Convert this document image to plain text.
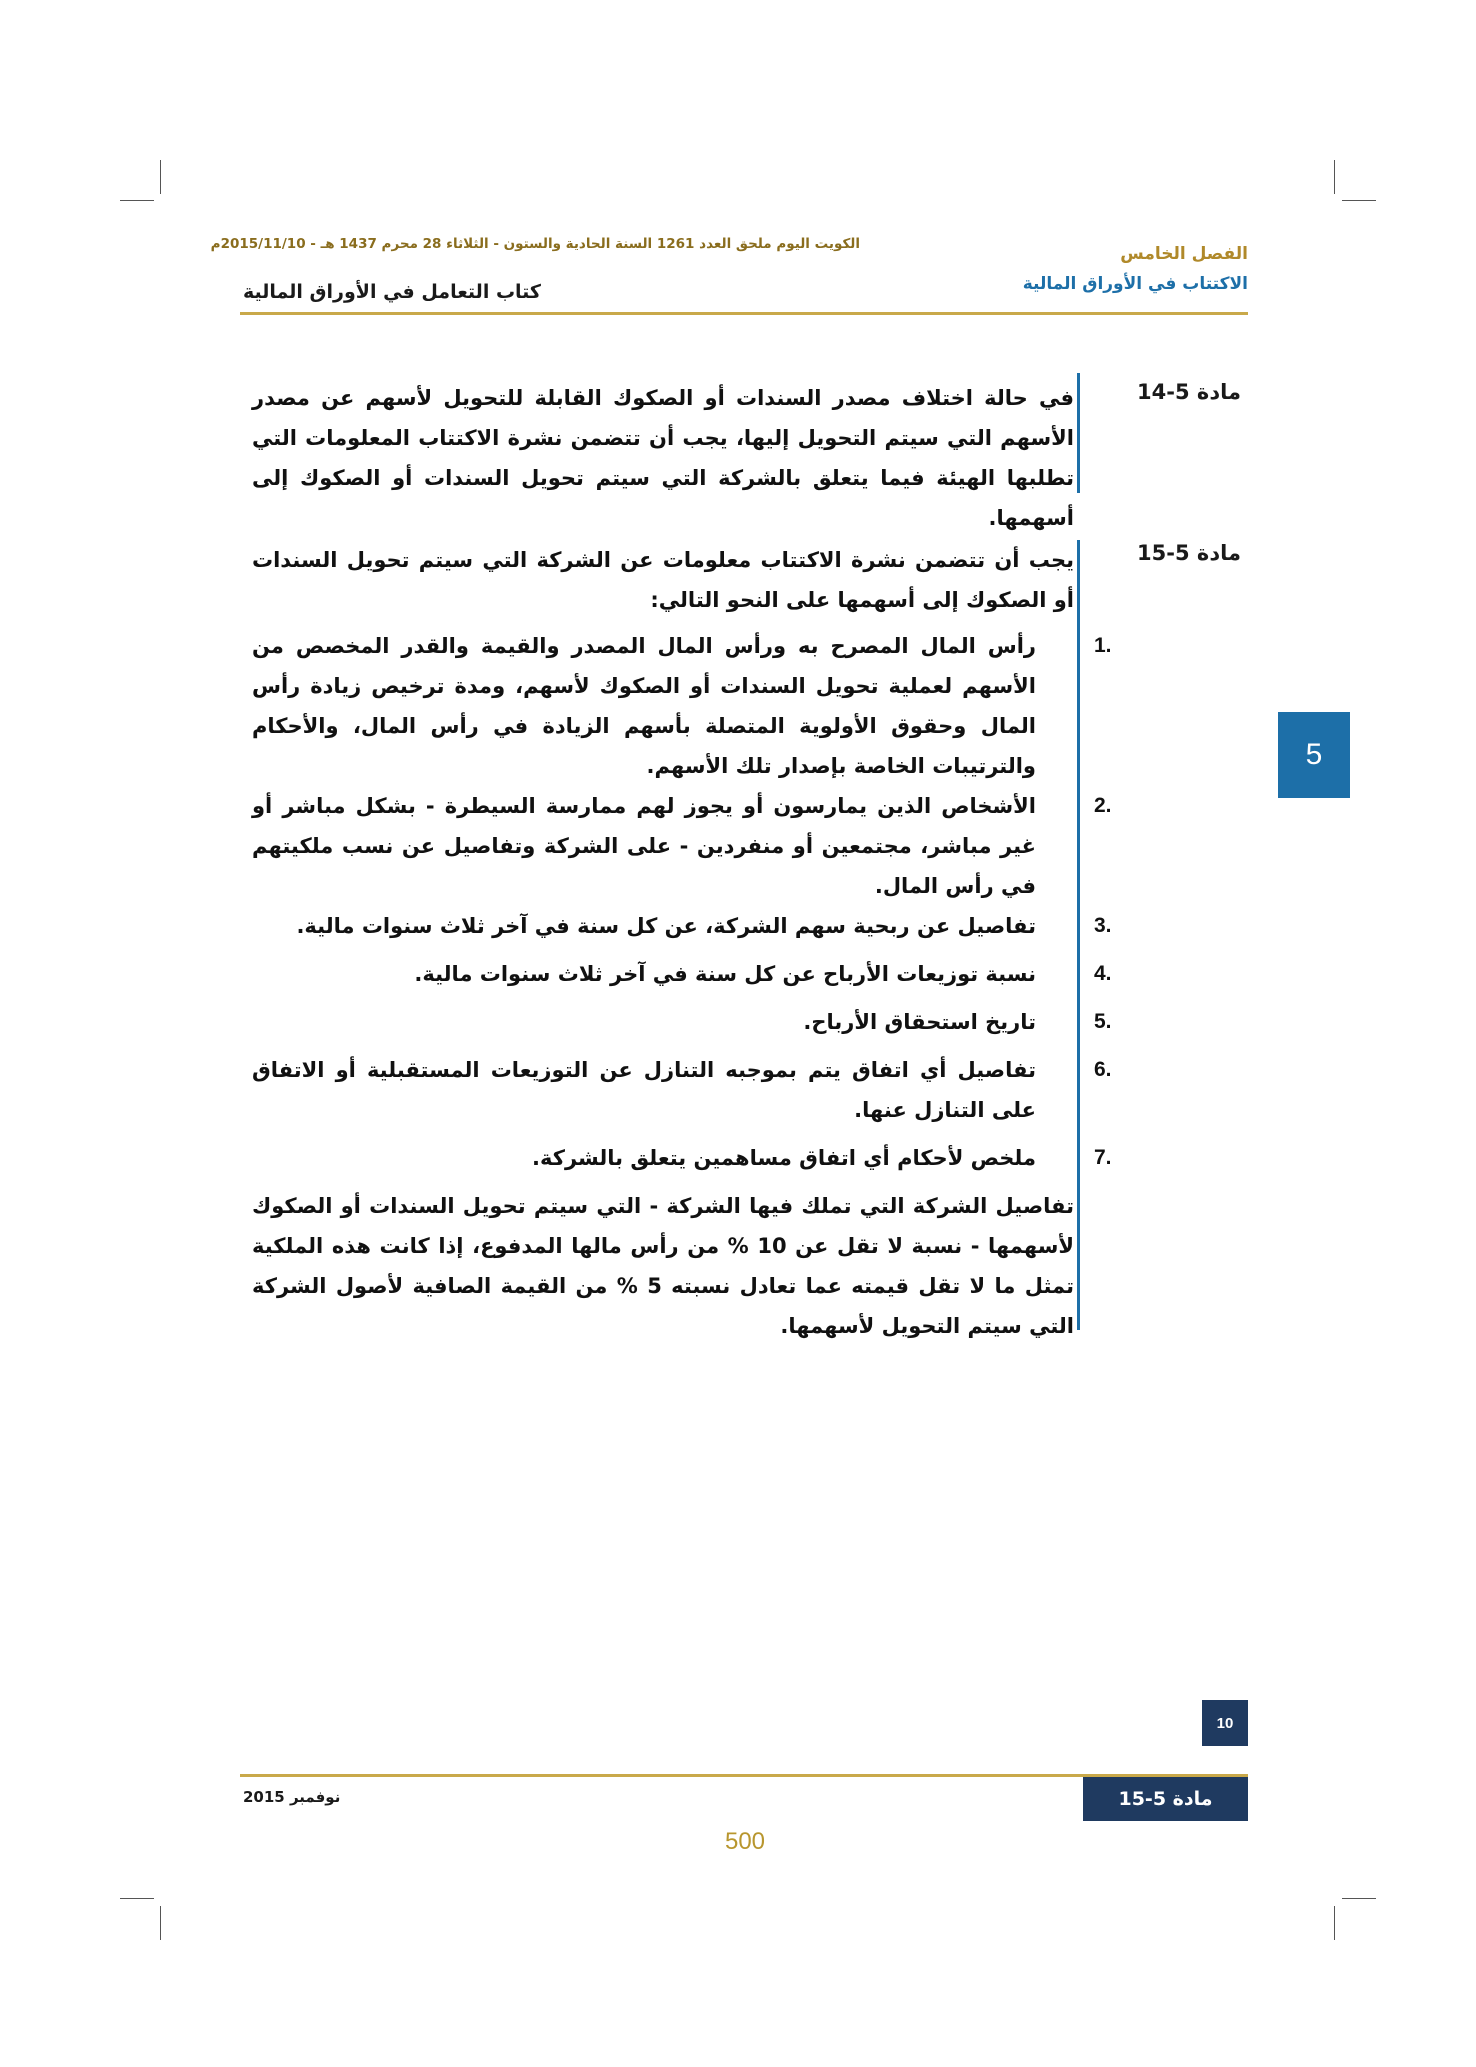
الكويت اليوم ملحق العدد 1261 السنة الحادية والستون - الثلاثاء 28 محرم 1437 هـ - 2015/11/10م	الفصل الخامس
الاكتتاب في الأوراق المالية
كتاب التعامل في الأوراق المالية
مادة 5-14
في حالة اختلاف مصدر السندات أو الصكوك القابلة للتحويل لأسهم عن مصدر الأسهم التي سيتم التحويل إليها، يجب أن تتضمن نشرة الاكتتاب المعلومات التي تطلبها الهيئة فيما يتعلق بالشركة التي سيتم تحويل السندات أو الصكوك إلى أسهمها.
مادة 5-15
يجب أن تتضمن نشرة الاكتتاب معلومات عن الشركة التي سيتم تحويل السندات أو الصكوك إلى أسهمها على النحو التالي:
1.
رأس المال المصرح به ورأس المال المصدر والقيمة والقدر المخصص من الأسهم لعملية تحويل السندات أو الصكوك لأسهم، ومدة ترخيص زيادة رأس المال وحقوق الأولوية المتصلة بأسهم الزيادة في رأس المال، والأحكام والترتيبات الخاصة بإصدار تلك الأسهم.
2.
الأشخاص الذين يمارسون أو يجوز لهم ممارسة السيطرة - بشكل مباشر أو غير مباشر، مجتمعين أو منفردين - على الشركة وتفاصيل عن نسب ملكيتهم في رأس المال.
3.
تفاصيل عن ربحية سهم الشركة، عن كل سنة في آخر ثلاث سنوات مالية.
4.
نسبة توزيعات الأرباح عن كل سنة في آخر ثلاث سنوات مالية.
5.
تاريخ استحقاق الأرباح.
6.
تفاصيل أي اتفاق يتم بموجبه التنازل عن التوزيعات المستقبلية أو الاتفاق على التنازل عنها.
7.
ملخص لأحكام أي اتفاق مساهمين يتعلق بالشركة.
تفاصيل الشركة التي تملك فيها الشركة - التي سيتم تحويل السندات أو الصكوك لأسهمها - نسبة لا تقل عن 10 % من رأس مالها المدفوع، إذا كانت هذه الملكية تمثل ما لا تقل قيمته عما تعادل نسبته 5 % من القيمة الصافية لأصول الشركة التي سيتم التحويل لأسهمها.
5
10
مادة 5-15
نوفمبر 2015
500
